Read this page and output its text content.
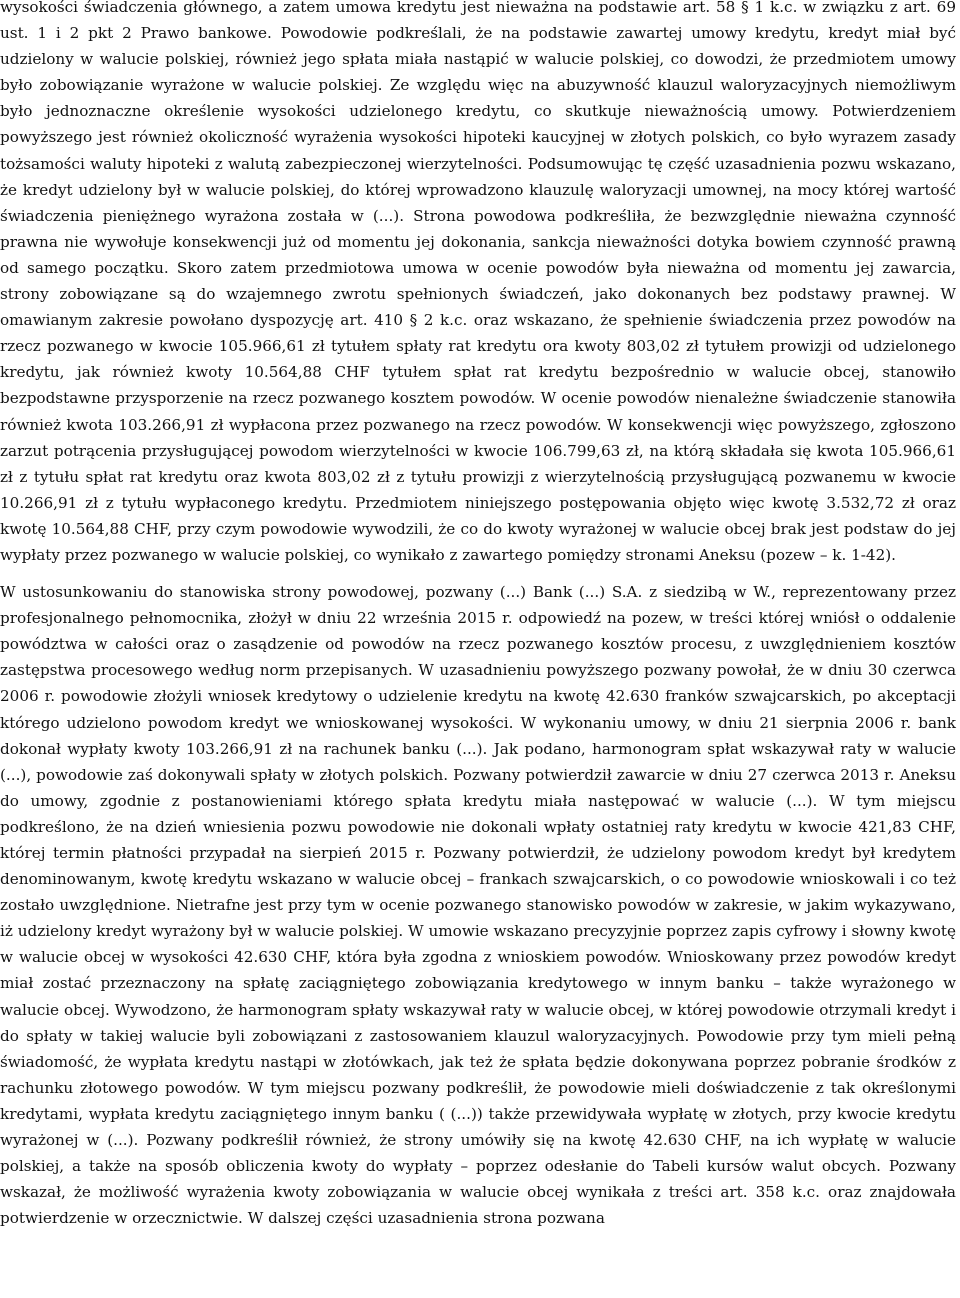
wysokości świadczenia głównego, a zatem umowa kredytu jest nieważna na podstawie art. 58 § 1 k.c. w związku z art. 69 ust. 1 i 2 pkt 2 Prawo bankowe. Powodowie podkreślali, że na podstawie zawartej umowy kredytu, kredyt miał być udzielony w walucie polskiej, również jego spłata miała nastąpić w walucie polskiej, co dowodzi, że przedmiotem umowy było zobowiązanie wyrażone w walucie polskiej. Ze względu więc na abuzywność klauzul waloryzacyjnych niemożliwym było jednoznaczne określenie wysokości udzielonego kredytu, co skutkuje nieważnością umowy. Potwierdzeniem powyższego jest również okoliczność wyrażenia wysokości hipoteki kaucyjnej w złotych polskich, co było wyrazem zasady tożsamości waluty hipoteki z walutą zabezpieczonej wierzytelności. Podsumowując tę część uzasadnienia pozwu wskazano, że kredyt udzielony był w walucie polskiej, do której wprowadzono klauzulę waloryzacji umownej, na mocy której wartość świadczenia pieniężnego wyrażona została w (...). Strona powodowa podkreśliła, że bezwzględnie nieważna czynność prawna nie wywołuje konsekwencji już od momentu jej dokonania, sankcja nieważności dotyka bowiem czynność prawną od samego początku. Skoro zatem przedmiotowa umowa w ocenie powodów była nieważna od momentu jej zawarcia, strony zobowiązane są do wzajemnego zwrotu spełnionych świadczeń, jako dokonanych bez podstawy prawnej. W omawianym zakresie powołano dyspozycję art. 410 § 2 k.c. oraz wskazano, że spełnienie świadczenia przez powodów na rzecz pozwanego w kwocie 105.966,61 zł tytułem spłaty rat kredytu ora kwoty 803,02 zł tytułem prowizji od udzielonego kredytu, jak również kwoty 10.564,88 CHF tytułem spłat rat kredytu bezpośrednio w walucie obcej, stanowiło bezpodstawne przysporzenie na rzecz pozwanego kosztem powodów. W ocenie powodów nienależne świadczenie stanowiła również kwota 103.266,91 zł wypłacona przez pozwanego na rzecz powodów. W konsekwencji więc powyższego, zgłoszono zarzut potrącenia przysługującej powodom wierzytelności w kwocie 106.799,63 zł, na którą składała się kwota 105.966,61 zł z tytułu spłat rat kredytu oraz kwota 803,02 zł z tytułu prowizji z wierzytelnością przysługującą pozwanemu w kwocie 10.266,91 zł z tytułu wypłaconego kredytu. Przedmiotem niniejszego postępowania objęto więc kwotę 3.532,72 zł oraz kwotę 10.564,88 CHF, przy czym powodowie wywodzili, że co do kwoty wyrażonej w walucie obcej brak jest podstaw do jej wypłaty przez pozwanego w walucie polskiej, co wynikało z zawartego pomiędzy stronami Aneksu (pozew – k. 1-42).

W ustosunkowaniu do stanowiska strony powodowej, pozwany (...) Bank (...) S.A. z siedzibą w W., reprezentowany przez profesjonalnego pełnomocnika, złożył w dniu 22 września 2015 r. odpowiedź na pozew, w treści której wniósł o oddalenie powództwa w całości oraz o zasądzenie od powodów na rzecz pozwanego kosztów procesu, z uwzględnieniem kosztów zastępstwa procesowego według norm przepisanych. W uzasadnieniu powyższego pozwany powołał, że w dniu 30 czerwca 2006 r. powodowie złożyli wniosek kredytowy o udzielenie kredytu na kwotę 42.630 franków szwajcarskich, po akceptacji którego udzielono powodom kredyt we wnioskowanej wysokości. W wykonaniu umowy, w dniu 21 sierpnia 2006 r. bank dokonał wypłaty kwoty 103.266,91 zł na rachunek banku (...). Jak podano, harmonogram spłat wskazywał raty w walucie (...), powodowie zaś dokonywali spłaty w złotych polskich. Pozwany potwierdził zawarcie w dniu 27 czerwca 2013 r. Aneksu do umowy, zgodnie z postanowieniami którego spłata kredytu miała następować w walucie (...). W tym miejscu podkreślono, że na dzień wniesienia pozwu powodowie nie dokonali wpłaty ostatniej raty kredytu w kwocie 421,83 CHF, której termin płatności przypadał na sierpień 2015 r. Pozwany potwierdził, że udzielony powodom kredyt był kredytem denominowanym, kwotę kredytu wskazano w walucie obcej – frankach szwajcarskich, o co powodowie wnioskowali i co też zostało uwzględnione. Nietrafne jest przy tym w ocenie pozwanego stanowisko powodów w zakresie, w jakim wykazywano, iż udzielony kredyt wyrażony był w walucie polskiej. W umowie wskazano precyzyjnie poprzez zapis cyfrowy i słowny kwotę w walucie obcej w wysokości 42.630 CHF, która była zgodna z wnioskiem powodów. Wnioskowany przez powodów kredyt miał zostać przeznaczony na spłatę zaciągniętego zobowiązania kredytowego w innym banku – także wyrażonego w walucie obcej. Wywodzono, że harmonogram spłaty wskazywał raty w walucie obcej, w której powodowie otrzymali kredyt i do spłaty w takiej walucie byli zobowiązani z zastosowaniem klauzul waloryzacyjnych. Powodowie przy tym mieli pełną świadomość, że wypłata kredytu nastąpi w złotówkach, jak też że spłata będzie dokonywana poprzez pobranie środków z rachunku złotowego powodów. W tym miejscu pozwany podkreślił, że powodowie mieli doświadczenie z tak określonymi kredytami, wypłata kredytu zaciągniętego innym banku ( (...)) także przewidywała wypłatę w złotych, przy kwocie kredytu wyrażonej w (...). Pozwany podkreślił również, że strony umówiły się na kwotę 42.630 CHF, na ich wypłatę w walucie polskiej, a także na sposób obliczenia kwoty do wypłaty – poprzez odesłanie do Tabeli kursów walut obcych. Pozwany wskazał, że możliwość wyrażenia kwoty zobowiązania w walucie obcej wynikała z treści art. 358 k.c. oraz znajdowała potwierdzenie w orzecznictwie. W dalszej części uzasadnienia strona pozwana
